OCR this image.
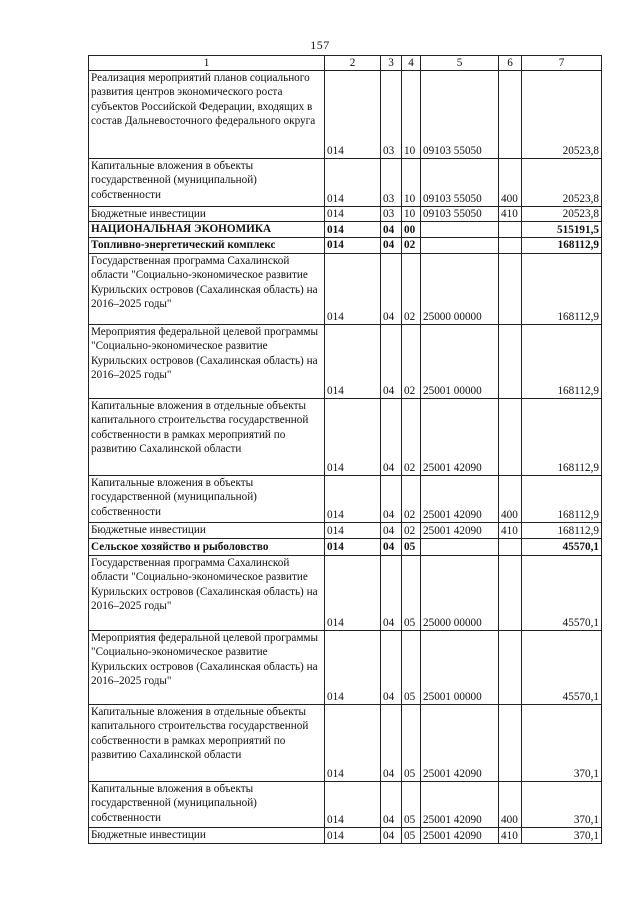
157
1	2	3	4	5	6	7
Реализация мероприятий планов социального развития центров экономического роста субъектов Российской Федерации, входящих в состав Дальневосточного федерального округа	014	03	10	09103 55050		20523,8
Капитальные вложения в объекты государственной (муниципальной) собственности	014	03	10	09103 55050	400	20523,8
Бюджетные инвестиции	014	03	10	09103 55050	410	20523,8
НАЦИОНАЛЬНАЯ ЭКОНОМИКА	014	04	00			515191,5
Топливно-энергетический комплекс	014	04	02			168112,9
Государственная программа Сахалинской области "Социально-экономическое развитие Курильских островов (Сахалинская область) на 2016–2025 годы"	014	04	02	25000 00000		168112,9
Мероприятия федеральной целевой программы "Социально-экономическое развитие Курильских островов (Сахалинская область) на 2016–2025 годы"	014	04	02	25001 00000		168112,9
Капитальные вложения в отдельные объекты капитального строительства государственной собственности в рамках мероприятий по развитию Сахалинской области	014	04	02	25001 42090		168112,9
Капитальные вложения в объекты государственной (муниципальной) собственности	014	04	02	25001 42090	400	168112,9
Бюджетные инвестиции	014	04	02	25001 42090	410	168112,9
Сельское хозяйство и рыболовство	014	04	05			45570,1
Государственная программа Сахалинской области "Социально-экономическое развитие Курильских островов (Сахалинская область) на 2016–2025 годы"	014	04	05	25000 00000		45570,1
Мероприятия федеральной целевой программы "Социально-экономическое развитие Курильских островов (Сахалинская область) на 2016–2025 годы"	014	04	05	25001 00000		45570,1
Капитальные вложения в отдельные объекты капитального строительства государственной собственности в рамках мероприятий по развитию Сахалинской области	014	04	05	25001 42090		370,1
Капитальные вложения в объекты государственной (муниципальной) собственности	014	04	05	25001 42090	400	370,1
Бюджетные инвестиции	014	04	05	25001 42090	410	370,1
